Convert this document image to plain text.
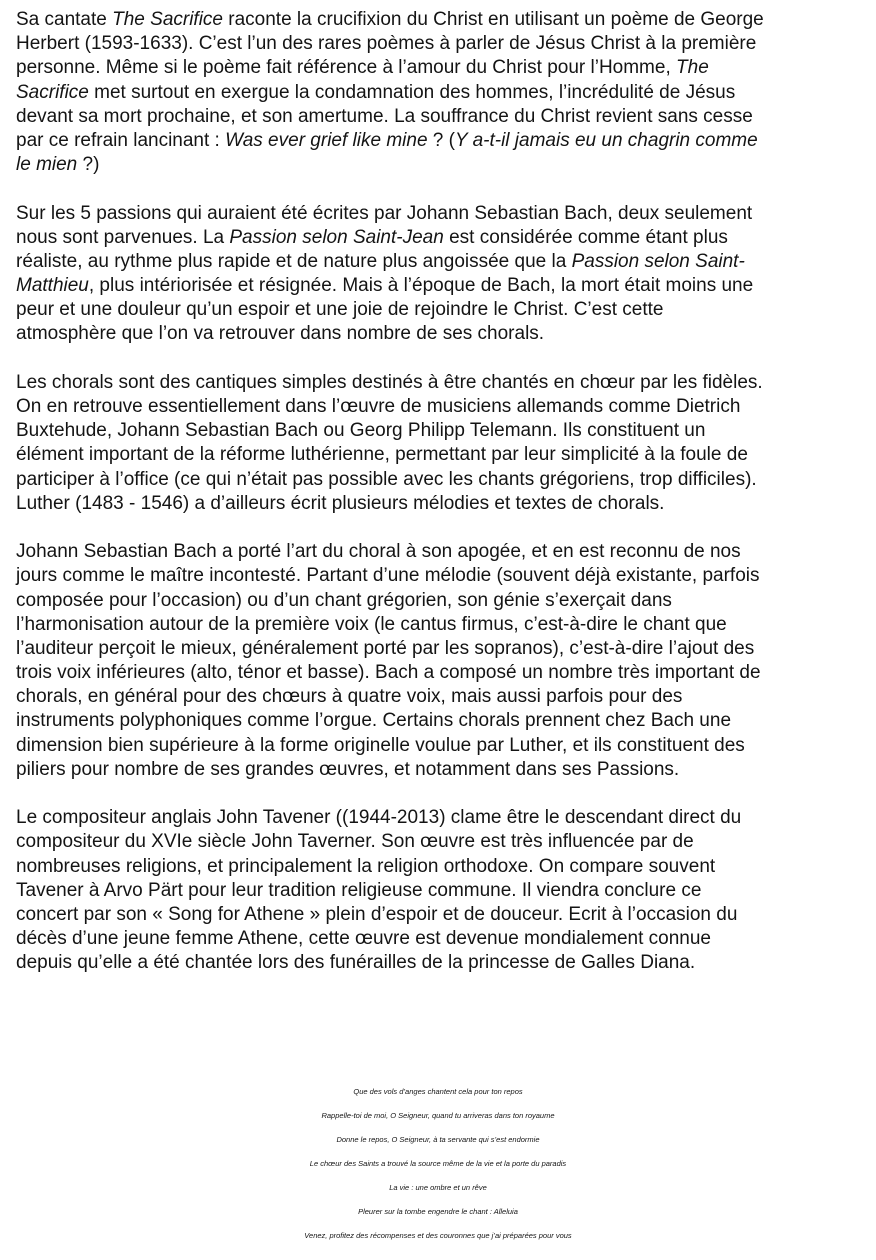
Sa cantate The Sacrifice raconte la crucifixion du Christ en utilisant un poème de George
Herbert (1593-1633). C’est l’un des rares poèmes à parler de Jésus Christ à la première
personne. Même si le poème fait référence à l’amour du Christ pour l’Homme, The
Sacrifice met surtout en exergue la condamnation des hommes, l’incrédulité de Jésus
devant sa mort prochaine, et son amertume. La souffrance du Christ revient sans cesse
par ce refrain lancinant : Was ever grief like mine ? (Y a-t-il jamais eu un chagrin comme
le mien ?)
Sur les 5 passions qui auraient été écrites par Johann Sebastian Bach, deux seulement
nous sont parvenues. La Passion selon Saint-Jean est considérée comme étant plus
réaliste, au rythme plus rapide et de nature plus angoissée que la Passion selon Saint-
Matthieu, plus intériorisée et résignée. Mais à l’époque de Bach, la mort était moins une
peur et une douleur qu’un espoir et une joie de rejoindre le Christ. C’est cette
atmosphère que l’on va retrouver dans nombre de ses chorals.
Les chorals sont des cantiques simples destinés à être chantés en chœur par les fidèles.
On en retrouve essentiellement dans l’œuvre de musiciens allemands comme Dietrich
Buxtehude, Johann Sebastian Bach ou Georg Philipp Telemann. Ils constituent un
élément important de la réforme luthérienne, permettant par leur simplicité à la foule de
participer à l’office (ce qui n’était pas possible avec les chants grégoriens, trop difficiles).
Luther (1483 - 1546) a d’ailleurs écrit plusieurs mélodies et textes de chorals.
Johann Sebastian Bach a porté l’art du choral à son apogée, et en est reconnu de nos
jours comme le maître incontesté. Partant d’une mélodie (souvent déjà existante, parfois
composée pour l’occasion) ou d’un chant grégorien, son génie s’exerçait dans
l’harmonisation autour de la première voix (le cantus firmus, c’est-à-dire le chant que
l’auditeur perçoit le mieux, généralement porté par les sopranos), c’est-à-dire l’ajout des
trois voix inférieures (alto, ténor et basse). Bach a composé un nombre très important de
chorals, en général pour des chœurs à quatre voix, mais aussi parfois pour des
instruments polyphoniques comme l’orgue. Certains chorals prennent chez Bach une
dimension bien supérieure à la forme originelle voulue par Luther, et ils constituent des
piliers pour nombre de ses grandes œuvres, et notamment dans ses Passions.
Le compositeur anglais John Tavener ((1944-2013) clame être le descendant direct du
compositeur du XVIe siècle John Taverner. Son œuvre est très influencée par de
nombreuses religions, et principalement la religion orthodoxe. On compare souvent
Tavener à Arvo Pärt pour leur tradition religieuse commune. Il viendra conclure ce
concert par son « Song for Athene » plein d’espoir et de douceur. Ecrit à l’occasion du
décès d’une jeune femme Athene, cette œuvre est devenue mondialement connue
depuis qu’elle a été chantée lors des funérailles de la princesse de Galles Diana.
Que des vols d’anges chantent cela pour ton repos
Rappelle-toi de moi, O Seigneur, quand tu arriveras dans ton royaume
Donne le repos, O Seigneur, à ta servante qui s’est endormie
Le chœur des Saints a trouvé la source même de la vie et la porte du paradis
La vie : une ombre et un rêve
Pleurer sur la tombe engendre le chant : Alleluia
Venez, profitez des récompenses et des couronnes que j’ai préparées pour vous
